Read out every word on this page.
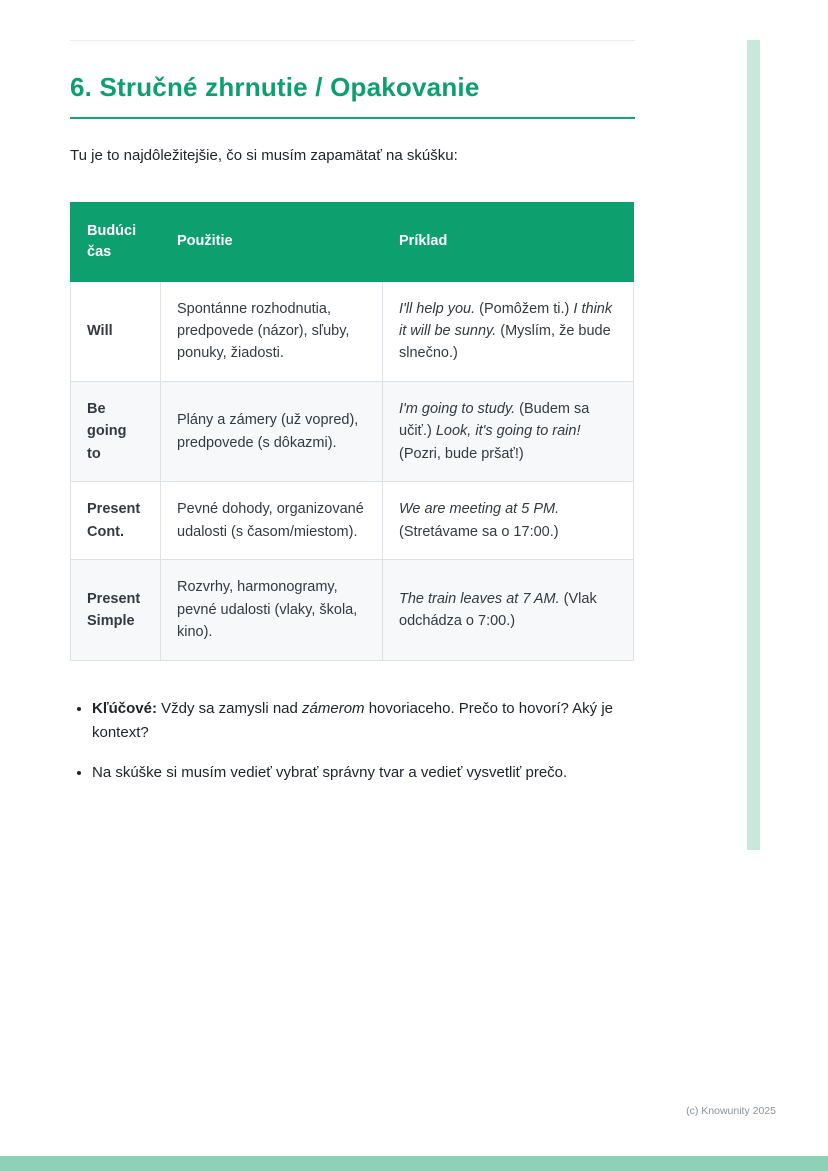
6. Stručné zhrnutie / Opakovanie

Tu je to najdôležitejšie, čo si musím zapamätať na skúšku:

Budúci čas	Použitie	Príklad
Will	Spontánne rozhodnutia, predpovede (názor), sľuby, ponuky, žiadosti.	I'll help you. (Pomôžem ti.) I think it will be sunny. (Myslím, že bude slnečno.)
Be going to	Plány a zámery (už vopred), predpovede (s dôkazmi).	I'm going to study. (Budem sa učiť.) Look, it's going to rain! (Pozri, bude pršať!)
Present Cont.	Pevné dohody, organizované udalosti (s časom/miestom).	We are meeting at 5 PM. (Stretávame sa o 17:00.)
Present Simple	Rozvrhy, harmonogramy, pevné udalosti (vlaky, škola, kino).	The train leaves at 7 AM. (Vlak odchádza o 7:00.)
• Kľúčové: Vždy sa zamysli nad zámerom hovoriaceho. Prečo to hovorí? Aký je kontext?
• Na skúške si musím vedieť vybrať správny tvar a vedieť vysvetliť prečo.
(c) Knowunity 2025
